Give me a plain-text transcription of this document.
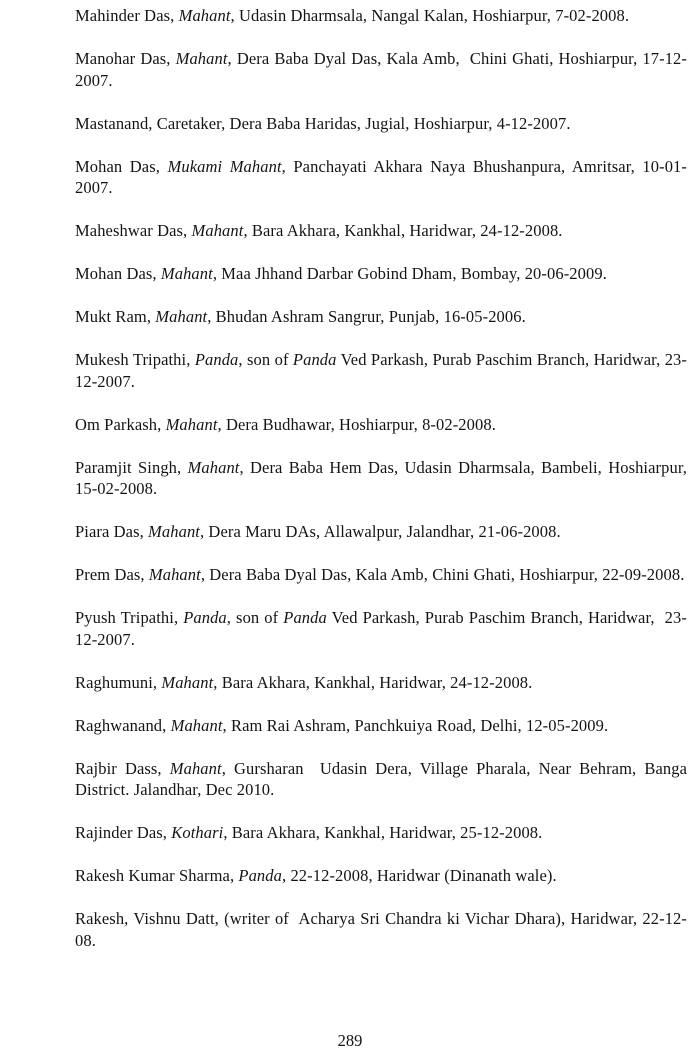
Mahinder Das, Mahant, Udasin Dharmsala, Nangal Kalan, Hoshiarpur, 7-02-2008.

Manohar Das, Mahant, Dera Baba Dyal Das, Kala Amb,  Chini Ghati, Hoshiarpur, 17-12-2007.

Mastanand, Caretaker, Dera Baba Haridas, Jugial, Hoshiarpur, 4-12-2007.

Mohan Das, Mukami Mahant, Panchayati Akhara Naya Bhushanpura, Amritsar, 10-01-2007.

Maheshwar Das, Mahant, Bara Akhara, Kankhal, Haridwar, 24-12-2008.

Mohan Das, Mahant, Maa Jhhand Darbar Gobind Dham, Bombay, 20-06-2009.

Mukt Ram, Mahant, Bhudan Ashram Sangrur, Punjab, 16-05-2006.

Mukesh Tripathi, Panda, son of Panda Ved Parkash, Purab Paschim Branch, Haridwar, 23-12-2007.

Om Parkash, Mahant, Dera Budhawar, Hoshiarpur, 8-02-2008.

Paramjit Singh, Mahant, Dera Baba Hem Das, Udasin Dharmsala, Bambeli, Hoshiarpur, 15-02-2008.

Piara Das, Mahant, Dera Maru DAs, Allawalpur, Jalandhar, 21-06-2008.

Prem Das, Mahant, Dera Baba Dyal Das, Kala Amb, Chini Ghati, Hoshiarpur, 22-09-2008.

Pyush Tripathi, Panda, son of Panda Ved Parkash, Purab Paschim Branch, Haridwar,  23-12-2007.

Raghumuni, Mahant, Bara Akhara, Kankhal, Haridwar, 24-12-2008.

Raghwanand, Mahant, Ram Rai Ashram, Panchkuiya Road, Delhi, 12-05-2009.

Rajbir Dass, Mahant, Gursharan  Udasin Dera, Village Pharala, Near Behram, Banga District. Jalandhar, Dec 2010.

Rajinder Das, Kothari, Bara Akhara, Kankhal, Haridwar, 25-12-2008.

Rakesh Kumar Sharma, Panda, 22-12-2008, Haridwar (Dinanath wale).

Rakesh, Vishnu Datt, (writer of  Acharya Sri Chandra ki Vichar Dhara), Haridwar, 22-12-08.

289
